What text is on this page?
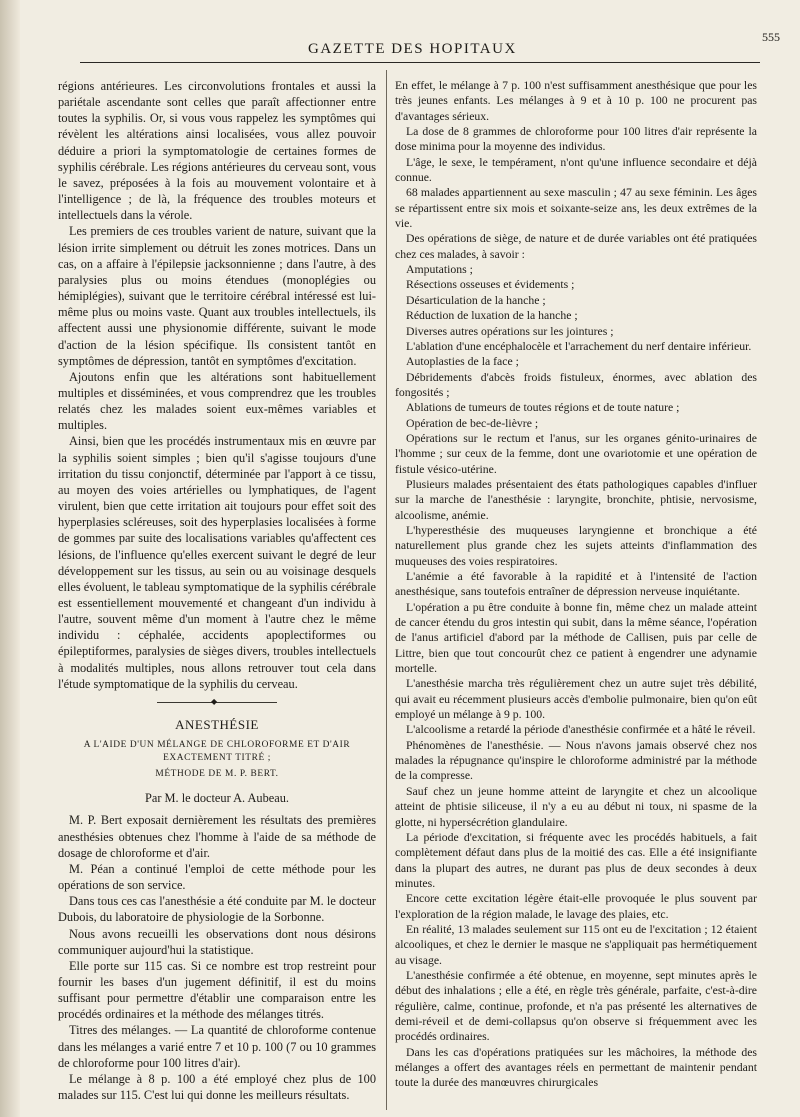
GAZETTE DES HOPITAUX
555

régions antérieures. Les circonvolutions frontales et aussi la pariétale ascendante sont celles que paraît affectionner entre toutes la syphilis. Or, si vous vous rappelez les symptômes qui révèlent les altérations ainsi localisées, vous allez pouvoir déduire a priori la symptomatologie de certaines formes de syphilis cérébrale. Les régions antérieures du cerveau sont, vous le savez, préposées à la fois au mouvement volontaire et à l'intelligence ; de là, la fréquence des troubles moteurs et intellectuels dans la vérole.

Les premiers de ces troubles varient de nature, suivant que la lésion irrite simplement ou détruit les zones motrices. Dans un cas, on a affaire à l'épilepsie jacksonnienne ; dans l'autre, à des paralysies plus ou moins étendues (monoplégies ou hémiplégies), suivant que le territoire cérébral intéressé est lui-même plus ou moins vaste. Quant aux troubles intellectuels, ils affectent aussi une physionomie différente, suivant le mode d'action de la lésion spécifique. Ils consistent tantôt en symptômes de dépression, tantôt en symptômes d'excitation.

Ajoutons enfin que les altérations sont habituellement multiples et disséminées, et vous comprendrez que les troubles relatés chez les malades soient eux-mêmes variables et multiples.

Ainsi, bien que les procédés instrumentaux mis en œuvre par la syphilis soient simples ; bien qu'il s'agisse toujours d'une irritation du tissu conjonctif, déterminée par l'apport à ce tissu, au moyen des voies artérielles ou lymphatiques, de l'agent virulent, bien que cette irritation ait toujours pour effet soit des hyperplasies scléreuses, soit des hyperplasies localisées à forme de gommes par suite des localisations variables qu'affectent ces lésions, de l'influence qu'elles exercent suivant le degré de leur développement sur les tissus, au sein ou au voisinage desquels elles évoluent, le tableau symptomatique de la syphilis cérébrale est essentiellement mouvementé et changeant d'un individu à l'autre, souvent même d'un moment à l'autre chez le même individu : céphalée, accidents apoplectiformes ou épileptiformes, paralysies de sièges divers, troubles intellectuels à modalités multiples, nous allons retrouver tout cela dans l'étude symptomatique de la syphilis du cerveau.

◆
ANESTHÉSIE
A L'AIDE D'UN MÉLANGE DE CHLOROFORME ET D'AIR EXACTEMENT TITRÉ ;
MÉTHODE DE M. P. BERT.
Par M. le docteur A. Aubeau.

M. P. Bert exposait dernièrement les résultats des premières anesthésies obtenues chez l'homme à l'aide de sa méthode de dosage de chloroforme et d'air.

M. Péan a continué l'emploi de cette méthode pour les opérations de son service.

Dans tous ces cas l'anesthésie a été conduite par M. le docteur Dubois, du laboratoire de physiologie de la Sorbonne.

Nous avons recueilli les observations dont nous désirons communiquer aujourd'hui la statistique.

Elle porte sur 115 cas. Si ce nombre est trop restreint pour fournir les bases d'un jugement définitif, il est du moins suffisant pour permettre d'établir une comparaison entre les procédés ordinaires et la méthode des mélanges titrés.

Titres des mélanges. — La quantité de chloroforme contenue dans les mélanges a varié entre 7 et 10 p. 100 (7 ou 10 grammes de chloroforme pour 100 litres d'air).

Le mélange à 8 p. 100 a été employé chez plus de 100 malades sur 115. C'est lui qui donne les meilleurs résultats.

En effet, le mélange à 7 p. 100 n'est suffisamment anesthésique que pour les très jeunes enfants. Les mélanges à 9 et à 10 p. 100 ne procurent pas d'avantages sérieux.

La dose de 8 grammes de chloroforme pour 100 litres d'air représente la dose minima pour la moyenne des individus.

L'âge, le sexe, le tempérament, n'ont qu'une influence secondaire et déjà connue.

68 malades appartiennent au sexe masculin ; 47 au sexe féminin. Les âges se répartissent entre six mois et soixante-seize ans, les deux extrêmes de la vie.

Des opérations de siège, de nature et de durée variables ont été pratiquées chez ces malades, à savoir :

Amputations ;
Résections osseuses et évidements ;
Désarticulation de la hanche ;
Réduction de luxation de la hanche ;
Diverses autres opérations sur les jointures ;
L'ablation d'une encéphalocèle et l'arrachement du nerf dentaire inférieur.
Autoplasties de la face ;
Débridements d'abcès froids fistuleux, énormes, avec ablation des fongosités ;
Ablations de tumeurs de toutes régions et de toute nature ;
Opération de bec-de-lièvre ;
Opérations sur le rectum et l'anus, sur les organes génito-urinaires de l'homme ; sur ceux de la femme, dont une ovariotomie et une opération de fistule vésico-utérine.

Plusieurs malades présentaient des états pathologiques capables d'influer sur la marche de l'anesthésie : laryngite, bronchite, phtisie, nervosisme, alcoolisme, anémie.

L'hyperesthésie des muqueuses laryngienne et bronchique a été naturellement plus grande chez les sujets atteints d'inflammation des muqueuses des voies respiratoires.

L'anémie a été favorable à la rapidité et à l'intensité de l'action anesthésique, sans toutefois entraîner de dépression nerveuse inquiétante.

L'opération a pu être conduite à bonne fin, même chez un malade atteint de cancer étendu du gros intestin qui subit, dans la même séance, l'opération de l'anus artificiel d'abord par la méthode de Callisen, puis par celle de Littre, bien que tout concourût chez ce patient à engendrer une adynamie mortelle.

L'anesthésie marcha très régulièrement chez un autre sujet très débilité, qui avait eu récemment plusieurs accès d'embolie pulmonaire, bien qu'on eût employé un mélange à 9 p. 100.

L'alcoolisme a retardé la période d'anesthésie confirmée et a hâté le réveil.

Phénomènes de l'anesthésie. — Nous n'avons jamais observé chez nos malades la répugnance qu'inspire le chloroforme administré par la méthode de la compresse.

Sauf chez un jeune homme atteint de laryngite et chez un alcoolique atteint de phtisie siliceuse, il n'y a eu au début ni toux, ni spasme de la glotte, ni hypersécrétion glandulaire.

La période d'excitation, si fréquente avec les procédés habituels, a fait complètement défaut dans plus de la moitié des cas. Elle a été insignifiante dans la plupart des autres, ne durant pas plus de deux secondes à deux minutes.

Encore cette excitation légère était-elle provoquée le plus souvent par l'exploration de la région malade, le lavage des plaies, etc.

En réalité, 13 malades seulement sur 115 ont eu de l'excitation ; 12 étaient alcooliques, et chez le dernier le masque ne s'appliquait pas hermétiquement au visage.

L'anesthésie confirmée a été obtenue, en moyenne, sept minutes après le début des inhalations ; elle a été, en règle très générale, parfaite, c'est-à-dire régulière, calme, continue, profonde, et n'a pas présenté les alternatives de demi-réveil et de demi-collapsus qu'on observe si fréquemment avec les procédés ordinaires.

Dans les cas d'opérations pratiquées sur les mâchoires, la méthode des mélanges a offert des avantages réels en permettant de maintenir pendant toute la durée des manœuvres chirurgicales
